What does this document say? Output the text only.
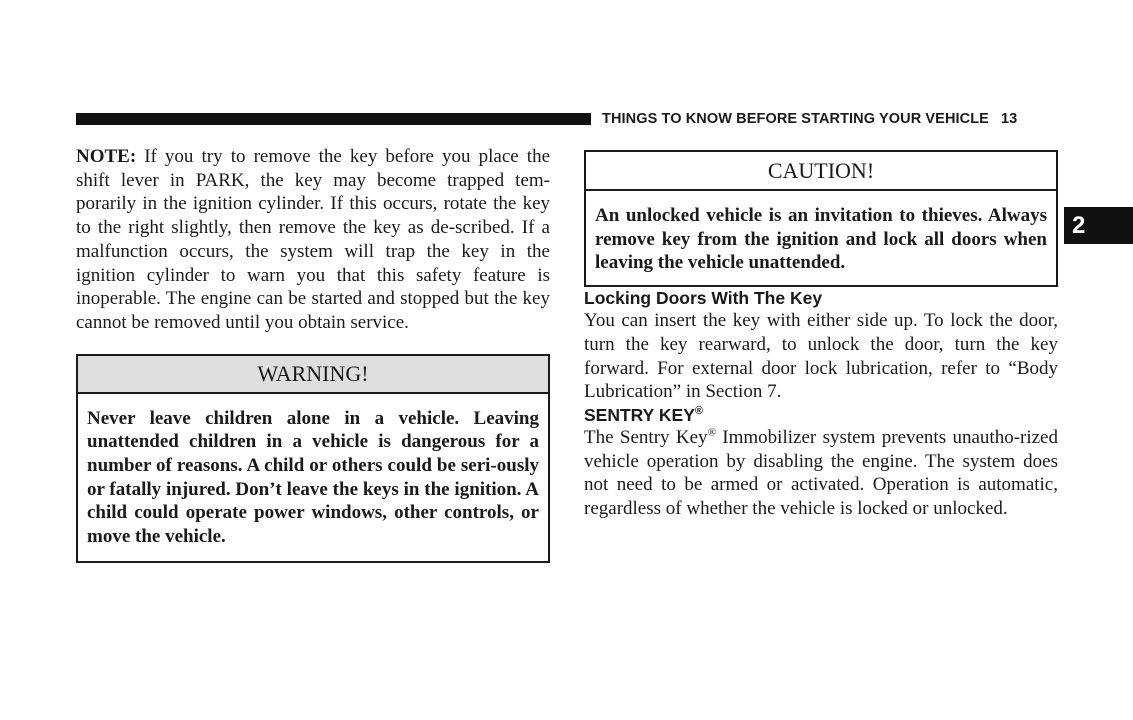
THINGS TO KNOW BEFORE STARTING YOUR VEHICLE 13
2

NOTE: If you try to remove the key before you place the shift lever in PARK, the key may become trapped tem-porarily in the ignition cylinder. If this occurs, rotate the key to the right slightly, then remove the key as de-scribed. If a malfunction occurs, the system will trap the key in the ignition cylinder to warn you that this safety feature is inoperable. The engine can be started and stopped but the key cannot be removed until you obtain service.

WARNING!
Never leave children alone in a vehicle. Leaving unattended children in a vehicle is dangerous for a number of reasons. A child or others could be seri-ously or fatally injured. Don’t leave the keys in the ignition. A child could operate power windows, other controls, or move the vehicle.
CAUTION!
An unlocked vehicle is an invitation to thieves. Always remove key from the ignition and lock all doors when leaving the vehicle unattended.
Locking Doors With The Key

You can insert the key with either side up. To lock the door, turn the key rearward, to unlock the door, turn the key forward. For external door lock lubrication, refer to “Body Lubrication” in Section 7.

SENTRY KEY®

The Sentry Key® Immobilizer system prevents unautho-rized vehicle operation by disabling the engine. The system does not need to be armed or activated. Operation is automatic, regardless of whether the vehicle is locked or unlocked.
